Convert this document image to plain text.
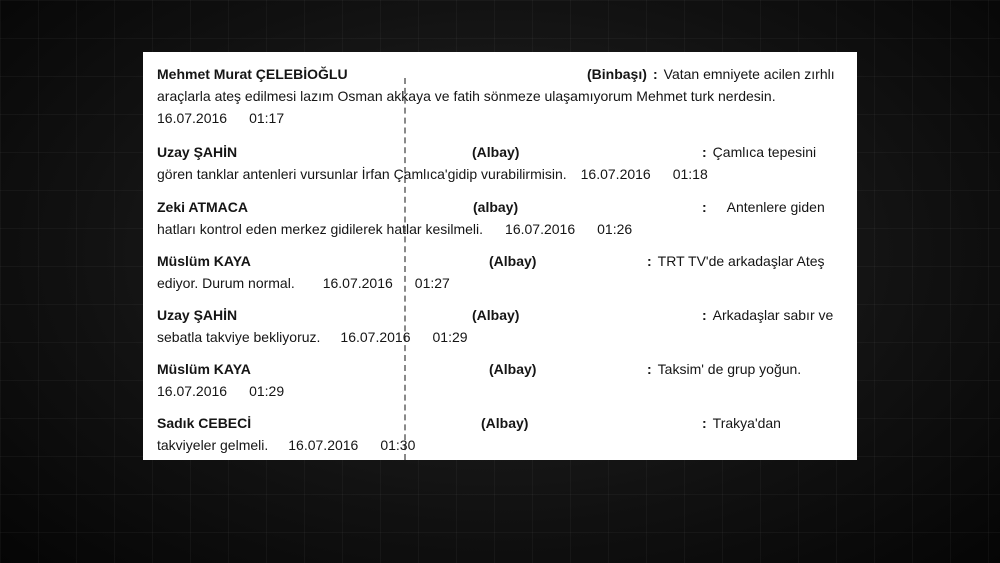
Mehmet Murat ÇELEBİOĞLU	(Binbaşı) : Vatan emniyete acilen zırhlı
araçlarla ateş edilmesi lazım Osman akkaya ve fatih sönmeze ulaşamıyorum Mehmet turk nerdesin.
16.07.2016 01:17
Uzay ŞAHİN	(Albay)	: Çamlıca tepesini
gören tanklar antenleri vursunlar İrfan Çamlıca'gidip vurabilirmisin. 16.07.2016 01:18
Zeki ATMACA	(albay)	: Antenlere giden
hatları kontrol eden merkez gidilerek hatlar kesilmeli. 16.07.2016 01:26
Müslüm KAYA	(Albay)	: TRT TV'de arkadaşlar Ateş
ediyor. Durum normal. 16.07.2016 01:27
Uzay ŞAHİN	(Albay)	: Arkadaşlar sabır ve
sebatla takviye bekliyoruz. 16.07.2016 01:29
Müslüm KAYA	(Albay)	: Taksim' de grup yoğun.
16.07.2016 01:29
Sadık CEBECİ	(Albay)	: Trakya'dan
takviyeler gelmeli. 16.07.2016 01:30
